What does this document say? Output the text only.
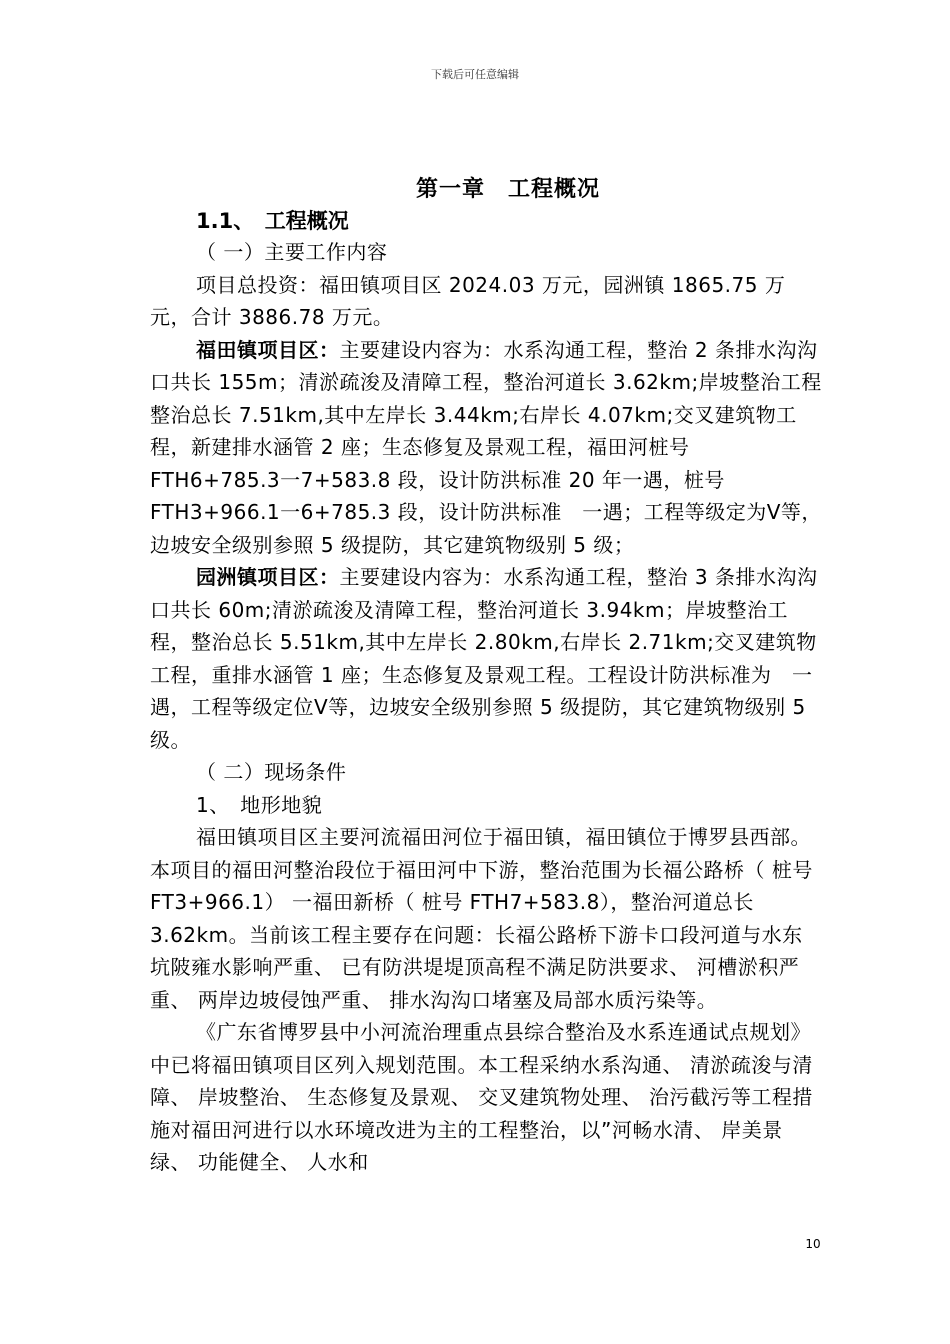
下载后可任意编辑
第一章　工程概况
1.1、　工程概况

（ 一）主要工作内容

项目总投资：福田镇项目区 2024.03 万元，园洲镇 1865.75 万元，合计 3886.78 万元。

福田镇项目区：主要建设内容为：水系沟通工程，整治 2 条排水沟沟口共长 155m；清淤疏浚及清障工程，整治河道长 3.62km;岸坡整治工程整治总长 7.51km,其中左岸长 3.44km;右岸长 4.07km;交叉建筑物工程，新建排水涵管 2 座；生态修复及景观工程，福田河桩号 FTH6+785.3一7+583.8 段，设计防洪标准 20 年一遇，桩号 FTH3+966.1一6+785.3 段，设计防洪标准　一遇；工程等级定为Ⅴ等，边坡安全级别参照 5 级提防，其它建筑物级别 5 级；

园洲镇项目区：主要建设内容为：水系沟通工程，整治 3 条排水沟沟口共长 60m;清淤疏浚及清障工程，整治河道长 3.94km；岸坡整治工程，整治总长 5.51km,其中左岸长 2.80km,右岸长 2.71km;交叉建筑物工程，重排水涵管 1 座；生态修复及景观工程。工程设计防洪标准为　一遇，工程等级定位Ⅴ等，边坡安全级别参照 5 级提防，其它建筑物级别 5 级。

（ 二）现场条件

1、　地形地貌

福田镇项目区主要河流福田河位于福田镇，福田镇位于博罗县西部。本项目的福田河整治段位于福田河中下游，整治范围为长福公路桥（ 桩号 FT3+966.1） 一福田新桥（ 桩号 FTH7+583.8），整治河道总长 3.62km。当前该工程主要存在问题：长福公路桥下游卡口段河道与水东坑陂雍水影响严重、 已有防洪堤堤顶高程不满足防洪要求、 河槽淤积严重、 两岸边坡侵蚀严重、 排水沟沟口堵塞及局部水质污染等。

《广东省博罗县中小河流治理重点县综合整治及水系连通试点规划》中已将福田镇项目区列入规划范围。本工程采纳水系沟通、 清淤疏浚与清障、 岸坡整治、 生态修复及景观、 交叉建筑物处理、 治污截污等工程措施对福田河进行以水环境改进为主的工程整治，以”河畅水清、 岸美景绿、 功能健全、 人水和

10
